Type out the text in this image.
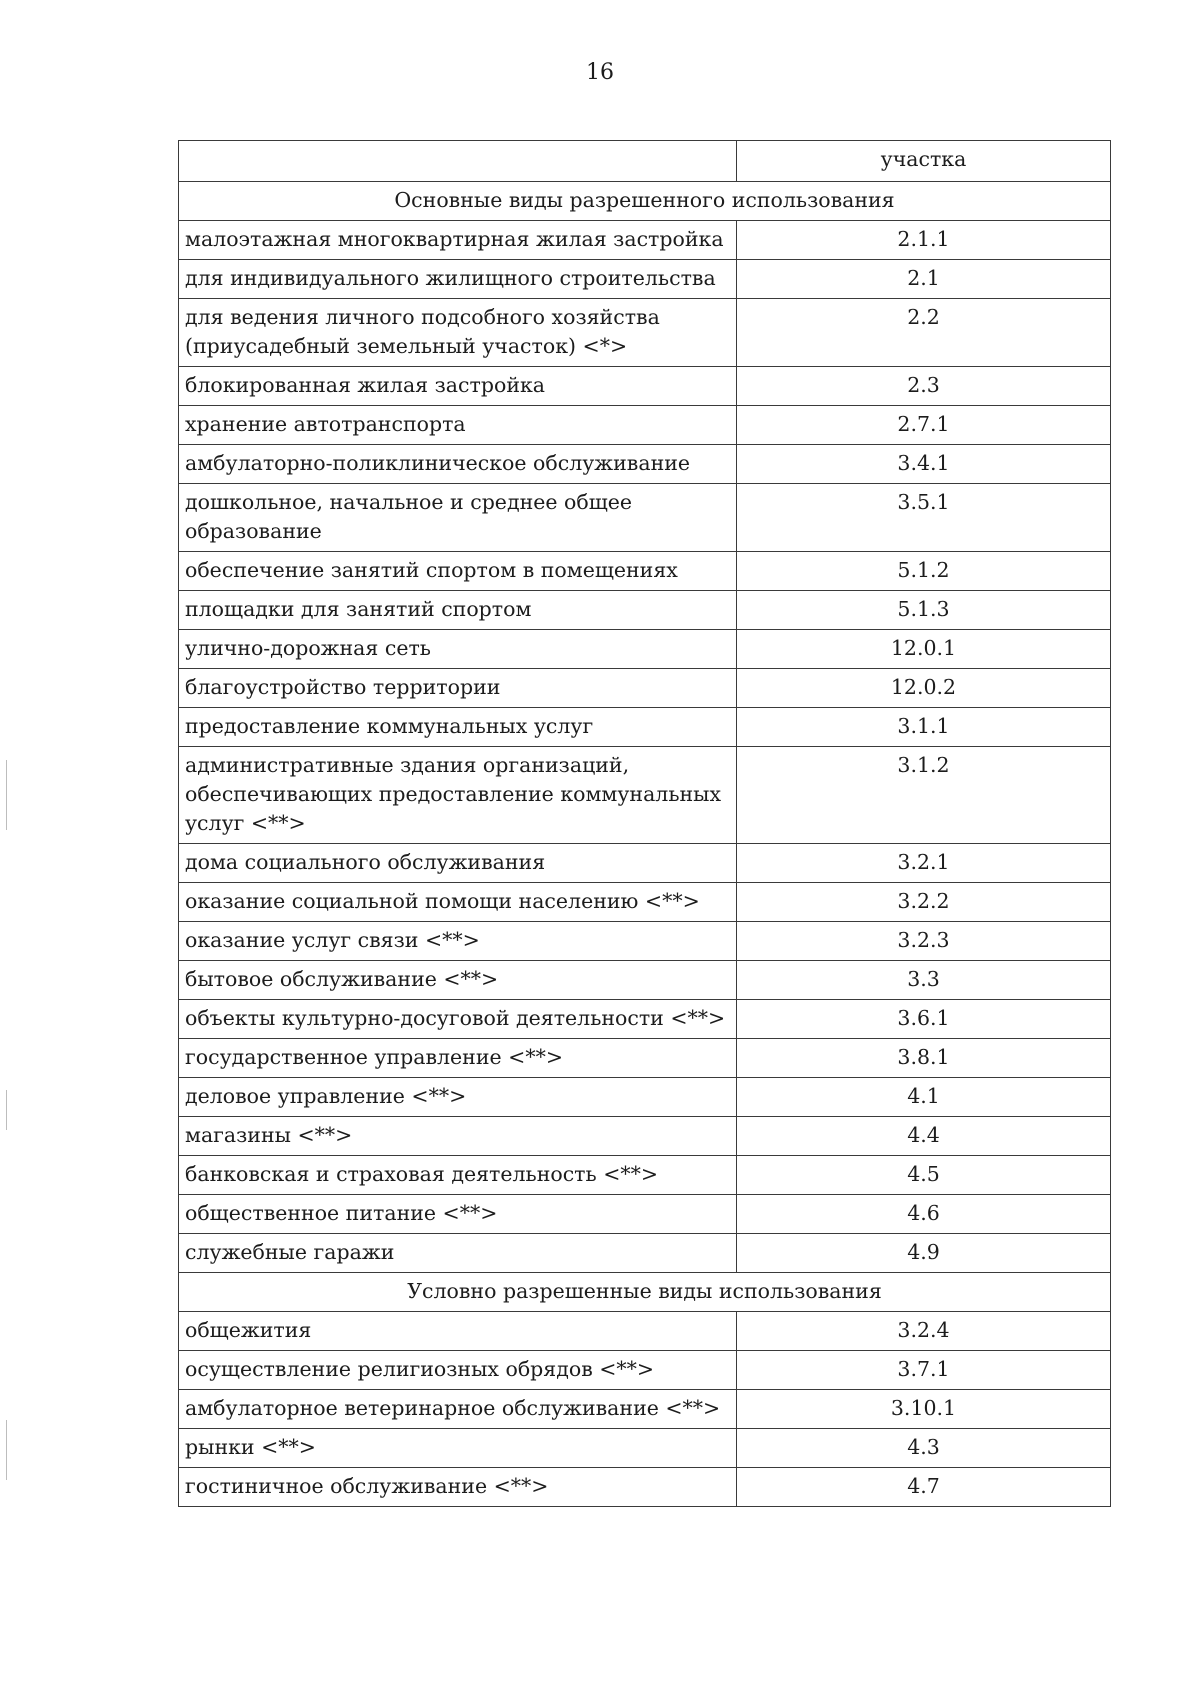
16
	участка
Основные виды разрешенного использования	
малоэтажная многоквартирная жилая застройка	2.1.1
для индивидуального жилищного строительства	2.1
для ведения личного подсобного хозяйства (приусадебный земельный участок) <*>	2.2
блокированная жилая застройка	2.3
хранение автотранспорта	2.7.1
амбулаторно-поликлиническое обслуживание	3.4.1
дошкольное, начальное и среднее общее образование	3.5.1
обеспечение занятий спортом в помещениях	5.1.2
площадки для занятий спортом	5.1.3
улично-дорожная сеть	12.0.1
благоустройство территории	12.0.2
предоставление коммунальных услуг	3.1.1
административные здания организаций, обеспечивающих предоставление коммунальных услуг <**>	3.1.2
дома социального обслуживания	3.2.1
оказание социальной помощи населению <**>	3.2.2
оказание услуг связи <**>	3.2.3
бытовое обслуживание <**>	3.3
объекты культурно-досуговой деятельности <**>	3.6.1
государственное управление <**>	3.8.1
деловое управление <**>	4.1
магазины <**>	4.4
банковская и страховая деятельность <**>	4.5
общественное питание <**>	4.6
служебные гаражи	4.9
Условно разрешенные виды использования	
общежития	3.2.4
осуществление религиозных обрядов <**>	3.7.1
амбулаторное ветеринарное обслуживание <**>	3.10.1
рынки <**>	4.3
гостиничное обслуживание <**>	4.7
